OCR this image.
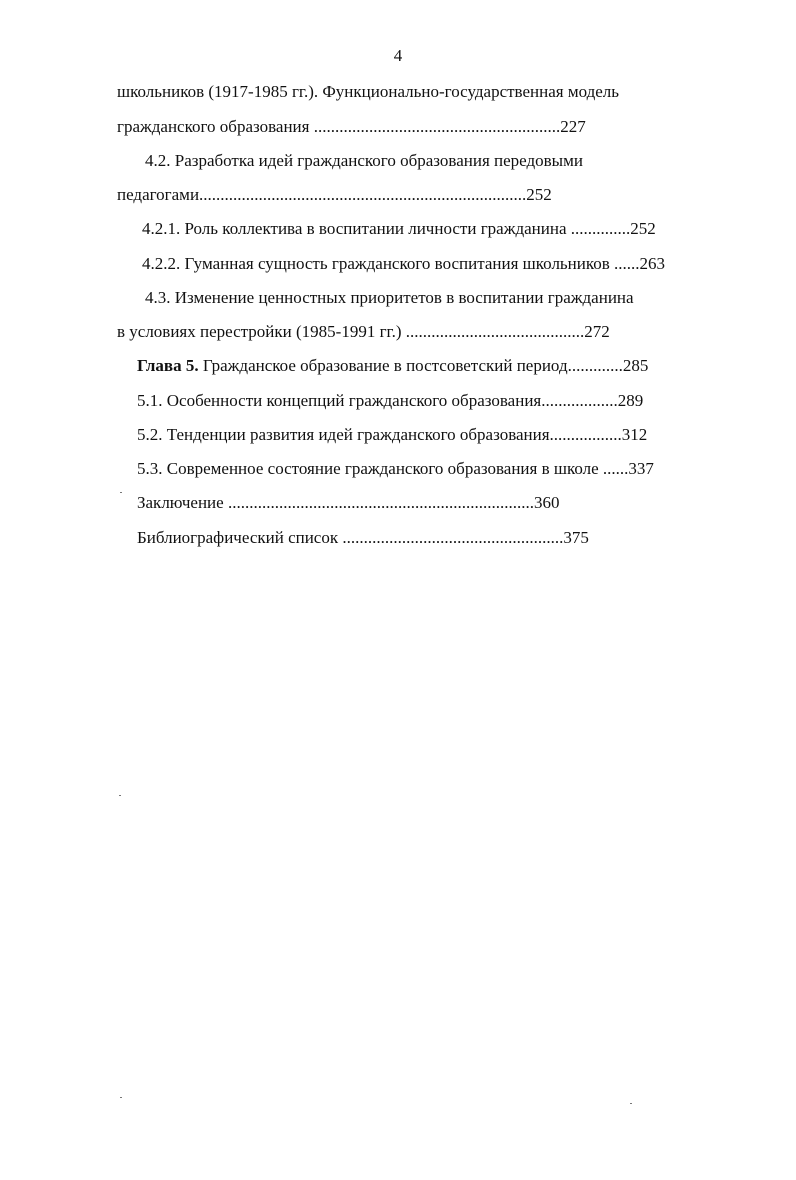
4
школьников (1917-1985 гг.). Функционально-государственная модель
гражданского образования ..........................................................227
4.2. Разработка идей гражданского образования передовыми
педагогами.............................................................................252
4.2.1. Роль коллектива в воспитании личности гражданина ..............252
4.2.2. Гуманная сущность гражданского воспитания школьников ......263
4.3. Изменение ценностных приоритетов в воспитании гражданина
в условиях перестройки (1985-1991 гг.) ..........................................272
Глава 5. Гражданское образование в постсоветский период.............285
5.1. Особенности концепций гражданского образования..................289
5.2. Тенденции развития идей гражданского образования.................312
5.3. Современное состояние гражданского образования в школе ......337
Заключение ........................................................................360
Библиографический список ....................................................375
